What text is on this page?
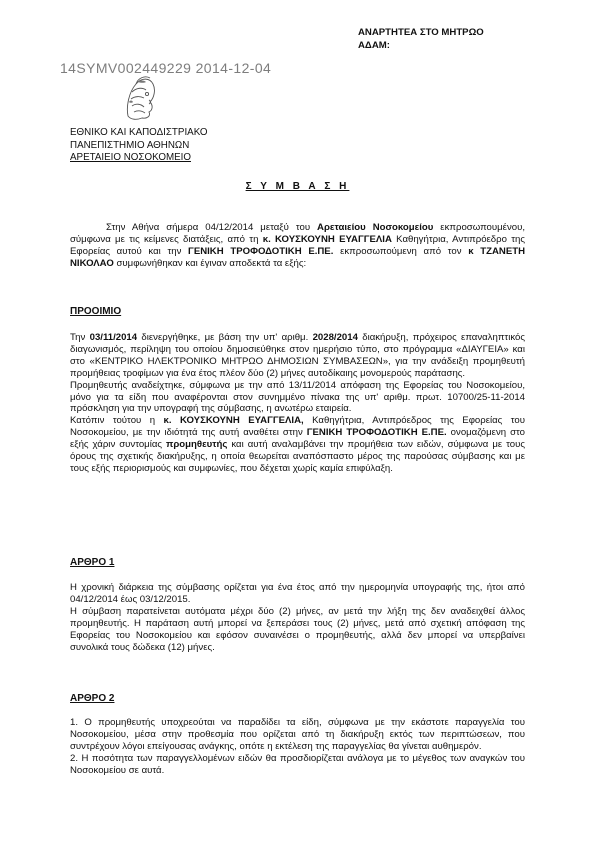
ΑΝΑΡΤΗΤΕΑ ΣΤΟ ΜΗΤΡΩΟ
ΑΔΑΜ:
14SYMV002449229 2014-12-04
ΕΘΝΙΚΟ ΚΑΙ ΚΑΠΟΔΙΣΤΡΙΑΚΟ
ΠΑΝΕΠΙΣΤΗΜΙΟ ΑΘΗΝΩΝ
ΑΡΕΤΑΙΕΙΟ ΝΟΣΟΚΟΜΕΙΟ
Σ Υ Μ Β Α Σ Η

Στην Αθήνα σήμερα 04/12/2014 μεταξύ του Αρεταιείου Νοσοκομείου εκπροσωπουμένου, σύμφωνα με τις κείμενες διατάξεις, από τη κ. ΚΟΥΣΚΟΥΝΗ ΕΥΑΓΓΕΛΙΑ Καθηγήτρια, Αντιπρόεδρο της Εφορείας αυτού και την ΓΕΝΙΚΗ ΤΡΟΦΟΔΟΤΙΚΗ Ε.ΠΕ. εκπροσωπούμενη από τον κ ΤΖΑΝΕΤΗ ΝΙΚΟΛΑΟ συμφωνήθηκαν και έγιναν αποδεκτά τα εξής:

ΠΡΟΟΙΜΙΟ

Την 03/11/2014 διενεργήθηκε, με βάση την υπ' αριθμ. 2028/2014 διακήρυξη, πρόχειρος επαναληπτικός διαγωνισμός, περίληψη του οποίου δημοσιεύθηκε στον ημερήσιο τύπο, στο πρόγραμμα «ΔΙΑΥΓΕΙΑ» και στο «ΚΕΝΤΡΙΚΟ ΗΛΕΚΤΡΟΝΙΚΟ ΜΗΤΡΩΟ ΔΗΜΟΣΙΩΝ ΣΥΜΒΑΣΕΩΝ», για την ανάδειξη προμηθευτή προμήθειας τροφίμων για ένα έτος πλέον δύο (2) μήνες αυτοδίκαιης μονομερούς παράτασης.

Προμηθευτής αναδείχτηκε, σύμφωνα με την από 13/11/2014 απόφαση της Εφορείας του Νοσοκομείου, μόνο για τα είδη που αναφέρονται στον συνημμένο πίνακα της υπ' αριθμ. πρωτ. 10700/25-11-2014 πρόσκληση για την υπογραφή της σύμβασης, η ανωτέρω εταιρεία.

Κατόπιν τούτου η κ. ΚΟΥΣΚΟΥΝΗ ΕΥΑΓΓΕΛΙΑ, Καθηγήτρια, Αντιπρόεδρος της Εφορείας του Νοσοκομείου, με την ιδιότητά της αυτή αναθέτει στην ΓΕΝΙΚΗ ΤΡΟΦΟΔΟΤΙΚΗ Ε.ΠΕ. ονομαζόμενη στο εξής χάριν συντομίας προμηθευτής και αυτή αναλαμβάνει την προμήθεια των ειδών, σύμφωνα με τους όρους της σχετικής διακήρυξης, η οποία θεωρείται αναπόσπαστο μέρος της παρούσας σύμβασης και με τους εξής περιορισμούς και συμφωνίες, που δέχεται χωρίς καμία επιφύλαξη.

ΑΡΘΡΟ 1

Η χρονική διάρκεια της σύμβασης ορίζεται για ένα έτος από την ημερομηνία υπογραφής της, ήτοι από 04/12/2014 έως 03/12/2015.

Η σύμβαση παρατείνεται αυτόματα μέχρι δύο (2) μήνες, αν μετά την λήξη της δεν αναδειχθεί άλλος προμηθευτής. Η παράταση αυτή μπορεί να ξεπεράσει τους (2) μήνες, μετά από σχετική απόφαση της Εφορείας του Νοσοκομείου και εφόσον συναινέσει ο προμηθευτής, αλλά δεν μπορεί να υπερβαίνει συνολικά τους δώδεκα (12) μήνες.

ΑΡΘΡΟ 2

1. Ο προμηθευτής υποχρεούται να παραδίδει τα είδη, σύμφωνα με την εκάστοτε παραγγελία του Νοσοκομείου, μέσα στην προθεσμία που ορίζεται από τη διακήρυξη εκτός των περιπτώσεων, που συντρέχουν λόγοι επείγουσας ανάγκης, οπότε η εκτέλεση της παραγγελίας θα γίνεται αυθημερόν.

2. Η ποσότητα των παραγγελλομένων ειδών θα προσδιορίζεται ανάλογα με το μέγεθος των αναγκών του Νοσοκομείου σε αυτά.
